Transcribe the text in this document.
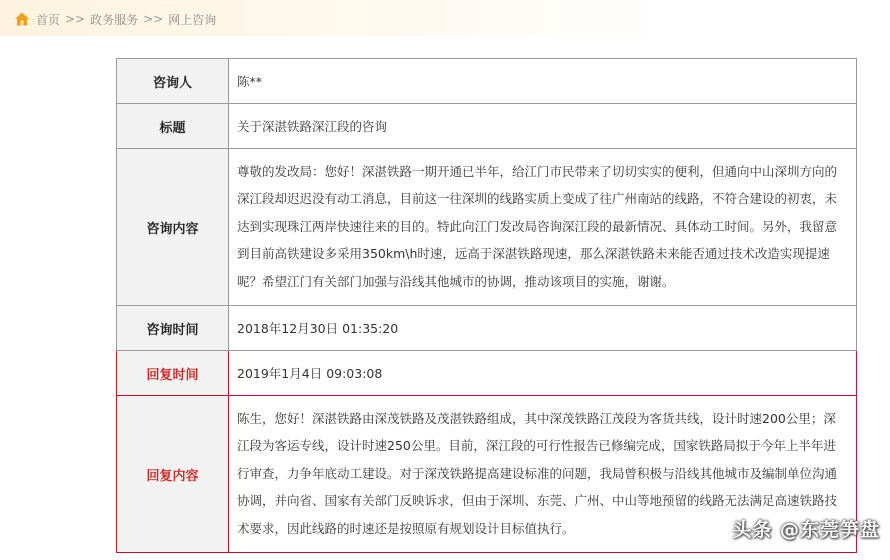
首页 >> 政务服务 >> 网上咨询
咨询人	陈**
标题	关于深湛铁路深江段的咨询
咨询内容	尊敬的发改局：您好！深湛铁路一期开通已半年，给江门市民带来了切切实实的便利，但通向中山深圳方向的深江段却迟迟没有动工消息，目前这一往深圳的线路实质上变成了往广州南站的线路，不符合建设的初衷，未达到实现珠江两岸快速往来的目的。特此向江门发改局咨询深江段的最新情况、具体动工时间。另外，我留意到目前高铁建设多采用350km\h时速，远高于深湛铁路现速，那么深湛铁路未来能否通过技术改造实现提速呢？希望江门有关部门加强与沿线其他城市的协调，推动该项目的实施，谢谢。
咨询时间	2018年12月30日 01:35:20
回复时间	2019年1月4日 09:03:08
回复内容	陈生，您好！深湛铁路由深茂铁路及茂湛铁路组成，其中深茂铁路江茂段为客货共线，设计时速200公里；深江段为客运专线，设计时速250公里。目前，深江段的可行性报告已修编完成，国家铁路局拟于今年上半年进行审查，力争年底动工建设。对于深茂铁路提高建设标准的问题，我局曾积极与沿线其他城市及编制单位沟通协调，并向省、国家有关部门反映诉求，但由于深圳、东莞、广州、中山等地预留的线路无法满足高速铁路技术要求，因此线路的时速还是按照原有规划设计目标值执行。	头条 @东莞笋盘
